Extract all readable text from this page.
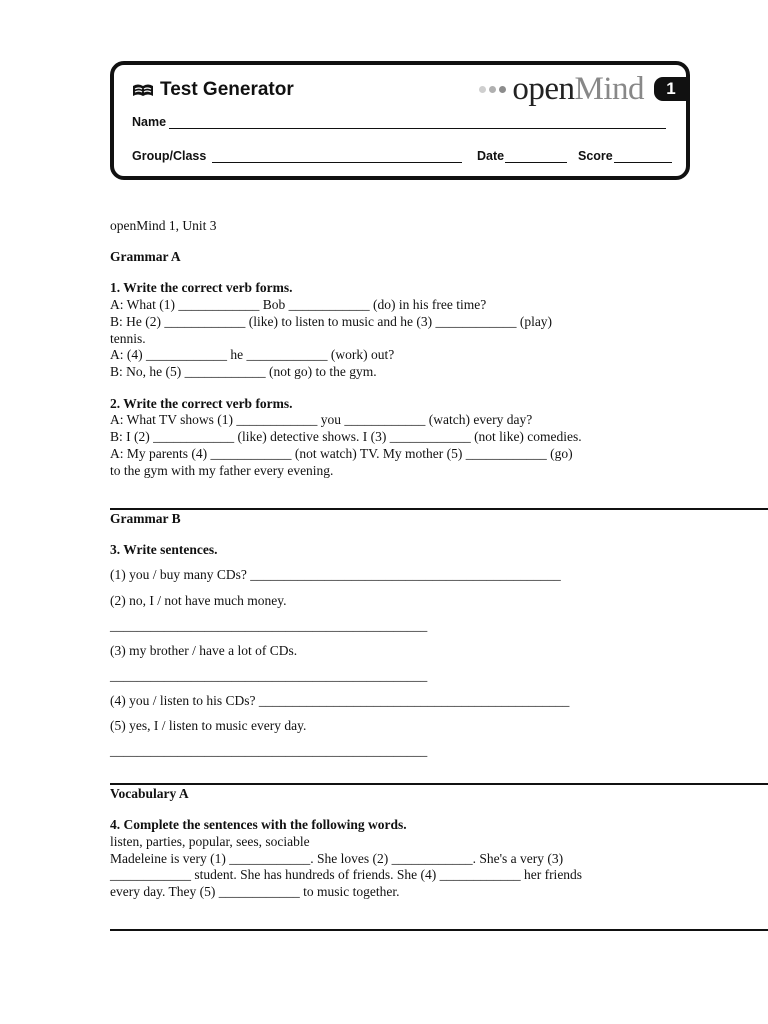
Test Generator	openMind	1
Name
Group/Class	Date	Score
openMind 1, Unit 3
Grammar A
1. Write the correct verb forms.
A: What (1) ____________ Bob ____________ (do) in his free time?
B: He (2) ____________ (like) to listen to music and he (3) ____________ (play)
tennis.
A: (4) ____________ he ____________ (work) out?
B: No, he (5) ____________ (not go) to the gym.
2. Write the correct verb forms.
A: What TV shows (1) ____________ you ____________ (watch) every day?
B: I (2) ____________ (like) detective shows. I (3) ____________ (not like) comedies.
A: My parents (4) ____________ (not watch) TV. My mother (5) ____________ (go)
to the gym with my father every evening.
Grammar B
3. Write sentences.
(1) you / buy many CDs? ______________________________________________
(2) no, I / not have much money.
_______________________________________________
(3) my brother / have a lot of CDs.
_______________________________________________
(4) you / listen to his CDs? ______________________________________________
(5) yes, I / listen to music every day.
_______________________________________________
Vocabulary A
4. Complete the sentences with the following words.
listen, parties, popular, sees, sociable
Madeleine is very (1) ____________. She loves (2) ____________. She's a very (3)
____________ student. She has hundreds of friends. She (4) ____________ her friends
every day. They (5) ____________ to music together.
